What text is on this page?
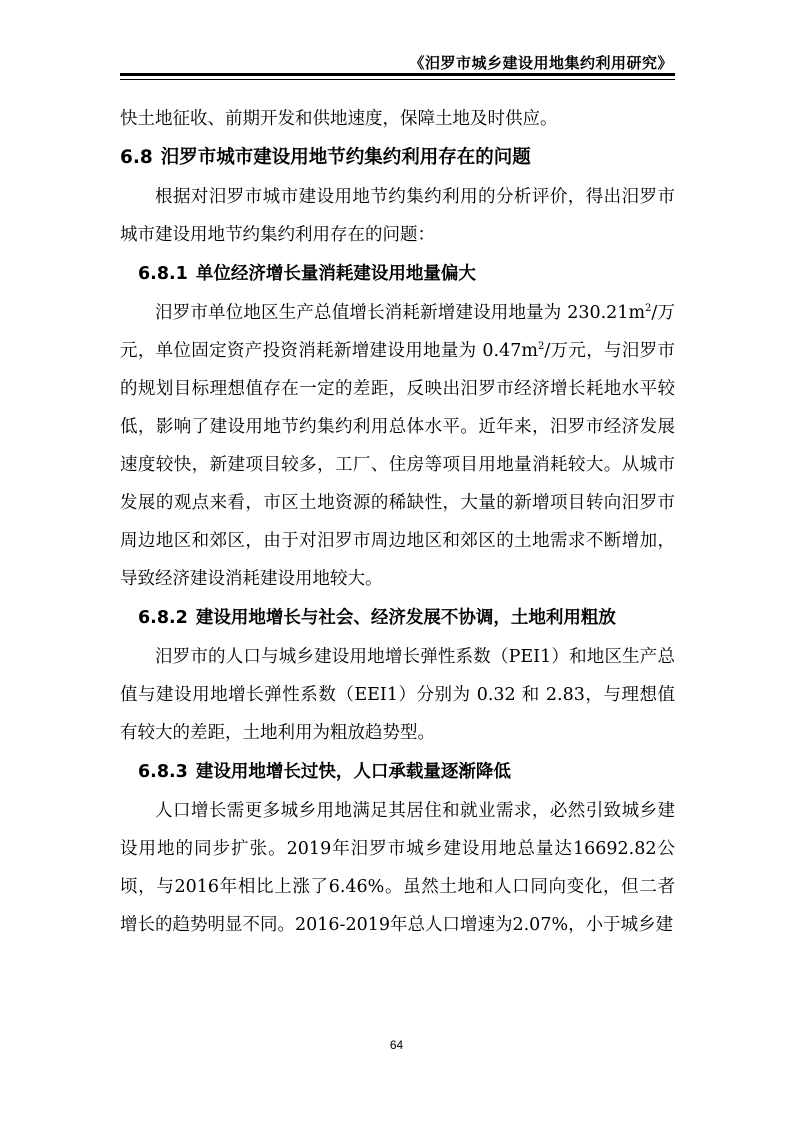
《汨罗市城乡建设用地集约利用研究》

快土地征收、前期开发和供地速度，保障土地及时供应。

6.8 汨罗市城市建设用地节约集约利用存在的问题

根据对汨罗市城市建设用地节约集约利用的分析评价，得出汨罗市城市建设用地节约集约利用存在的问题：

6.8.1 单位经济增长量消耗建设用地量偏大

汨罗市单位地区生产总值增长消耗新增建设用地量为 $230.21m^2/$万元，单位固定资产投资消耗新增建设用地量为 $0.47m^2/$万元，与汨罗市的规划目标理想值存在一定的差距，反映出汨罗市经济增长耗地水平较低，影响了建设用地节约集约利用总体水平。近年来，汨罗市经济发展速度较快，新建项目较多，工厂、住房等项目用地量消耗较大。从城市发展的观点来看，市区土地资源的稀缺性，大量的新增项目转向汨罗市周边地区和郊区，由于对汨罗市周边地区和郊区的土地需求不断增加，导致经济建设消耗建设用地较大。

6.8.2 建设用地增长与社会、经济发展不协调，土地利用粗放

汨罗市的人口与城乡建设用地增长弹性系数（PEI1）和地区生产总值与建设用地增长弹性系数（EEI1）分别为 0.32 和 2.83，与理想值有较大的差距，土地利用为粗放趋势型。

6.8.3 建设用地增长过快，人口承载量逐渐降低

人口增长需更多城乡用地满足其居住和就业需求，必然引致城乡建设用地的同步扩张。2019年汨罗市城乡建设用地总量达16692.82公顷，与2016年相比上涨了6.46%。虽然土地和人口同向变化，但二者增长的趋势明显不同。2016-2019年总人口增速为2.07%，小于城乡建

64
